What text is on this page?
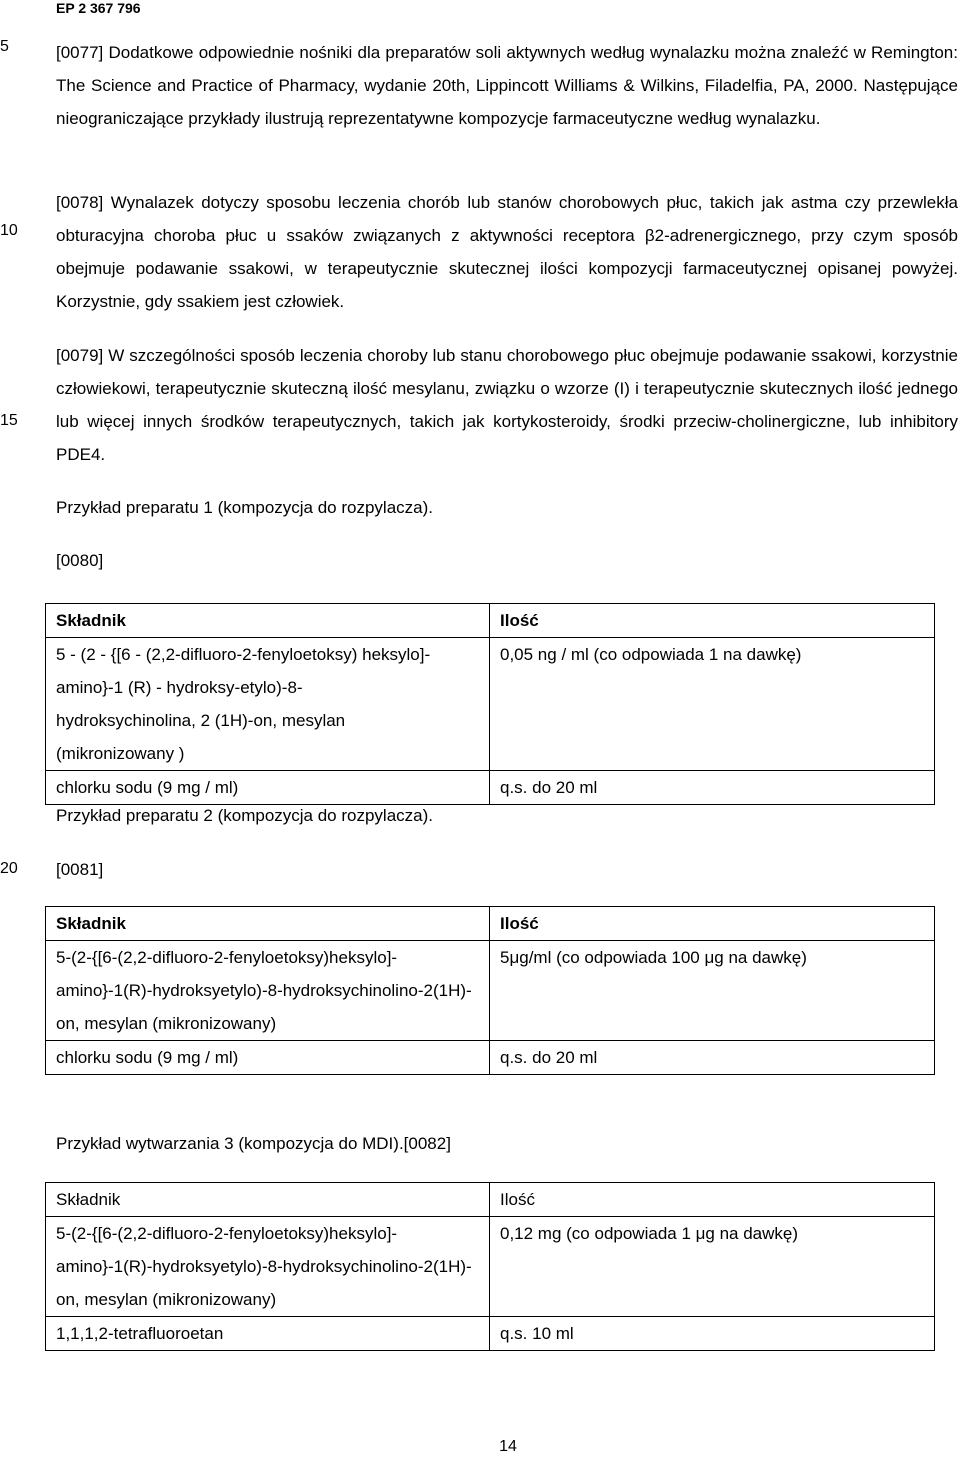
EP 2 367 796
5
10
15
20

[0077] Dodatkowe odpowiednie nośniki dla preparatów soli aktywnych według wynalazku można znaleźć w Remington: The Science and Practice of Pharmacy, wydanie 20th, Lippincott Williams & Wilkins, Filadelfia, PA, 2000. Następujące nieograniczające przykłady ilustrują reprezentatywne kompozycje farmaceutyczne według wynalazku.

[0078] Wynalazek dotyczy sposobu leczenia chorób lub stanów chorobowych płuc, takich jak astma czy przewlekła obturacyjna choroba płuc u ssaków związanych z aktywności receptora β2-adrenergicznego, przy czym sposób obejmuje podawanie ssakowi, w terapeutycznie skutecznej ilości kompozycji farmaceutycznej opisanej powyżej. Korzystnie, gdy ssakiem jest człowiek.

[0079] W szczególności sposób leczenia choroby lub stanu chorobowego płuc obejmuje podawanie ssakowi, korzystnie człowiekowi, terapeutycznie skuteczną ilość mesylanu, związku o wzorze (I) i terapeutycznie skutecznych ilość jednego lub więcej innych środków terapeutycznych, takich jak kortykosteroidy, środki przeciw-cholinergiczne, lub inhibitory PDE4.

Przykład preparatu 1 (kompozycja do rozpylacza).
[0080]
Składnik	Ilość
5 - (2 - {[6 - (2,2-difluoro-2-fenyloetoksy) heksylo]-amino}-1 (R) - hydroksy-etylo)-8-hydroksychinolina, 2 (1H)-on, mesylan (mikronizowany )	0,05 ng / ml (co odpowiada 1 na dawkę)
chlorku sodu (9 mg / ml)	q.s. do 20 ml
Przykład preparatu 2 (kompozycja do rozpylacza).
[0081]
Składnik	Ilość
5-(2-{[6-(2,2-difluoro-2-fenyloetoksy)heksylo]-amino}-1(R)-hydroksyetylo)-8-hydroksychinolino-2(1H)-on, mesylan (mikronizowany)	5μg/ml (co odpowiada 100 μg na dawkę)
chlorku sodu (9 mg / ml)	q.s. do 20 ml
Przykład wytwarzania 3 (kompozycja do MDI).[0082]
Składnik	Ilość
5-(2-{[6-(2,2-difluoro-2-fenyloetoksy)heksylo]-amino}-1(R)-hydroksyetylo)-8-hydroksychinolino-2(1H)-on, mesylan (mikronizowany)	0,12 mg (co odpowiada 1 μg na dawkę)
1,1,1,2-tetrafluoroetan	q.s. 10 ml
14
